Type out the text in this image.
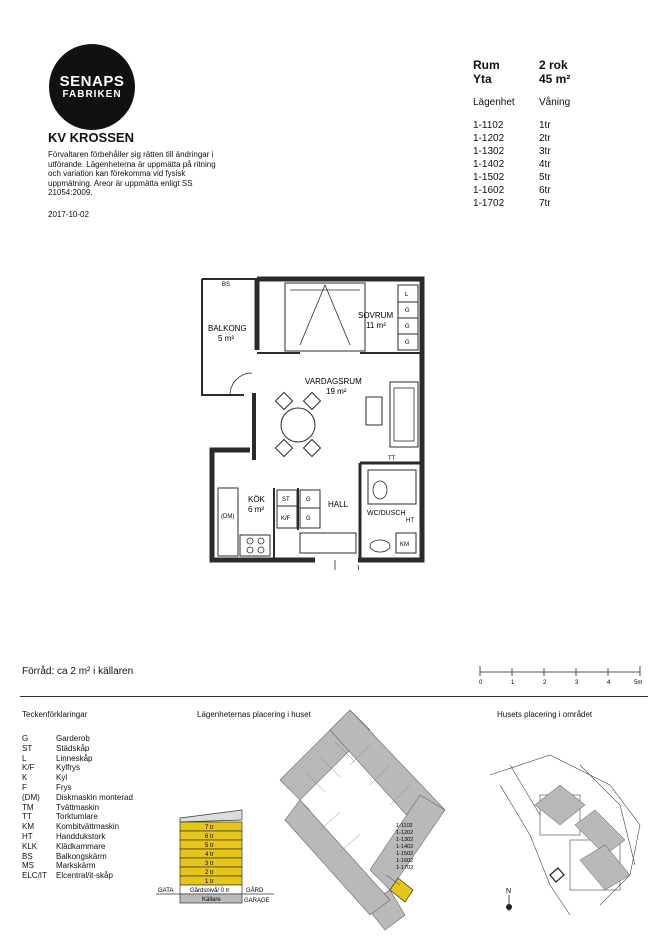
SENAPS
FABRIKEN
KV KROSSEN
Förvaltaren förbehåller sig rätten till ändringar i utförande. Lägenheterna är uppmätta på ritning och variation kan förekomma vid fysisk uppmätning. Areor är uppmätta enligt SS 21054:2009.
2017-10-02
Rum	2 rok
Yta	45 m²
Lägenhet Våning
1-1102	1tr
1-1202	2tr
1-1302	3tr
1-1402	4tr
1-1502	5tr
1-1602	6tr
1-1702	7tr
BS
BALKONG
5 m²
SOVRUM
11 m²
VARDAGSRUM
19 m²
KÖK
6 m²
HALL
WC/DUSCH
TT
HT
KM
(DM)
ST
K/F
G
G
L
G
G
G
Förråd: ca 2 m² i källaren
0	1	2	3	4	5m
Teckenförklaringar
G	Garderob
ST	Städskåp
L	Linneskåp
K/F	Kylfrys
K	Kyl
F	Frys
(DM) Diskmaskin monterad
TM	Tvättmaskin
TT	Torktumlare
KM	Kombitvättmaskin
HT	Handdukstork
KLK Klädkammare
BS	Balkongskärm
MS	Markskärm
ELC/IT Elcentral/it-skåp
Lägenheternas placering i huset
7 tr
6 tr
5 tr
4 tr
3 tr
2 tr
1 tr
Gårdsnivå/ 0 tr
Källare
GATA	GÅRD
GARAGE
1-1102
1-1202
1-1302
1-1402
1-1502
1-1602
1-1702
Husets placering i området
N
